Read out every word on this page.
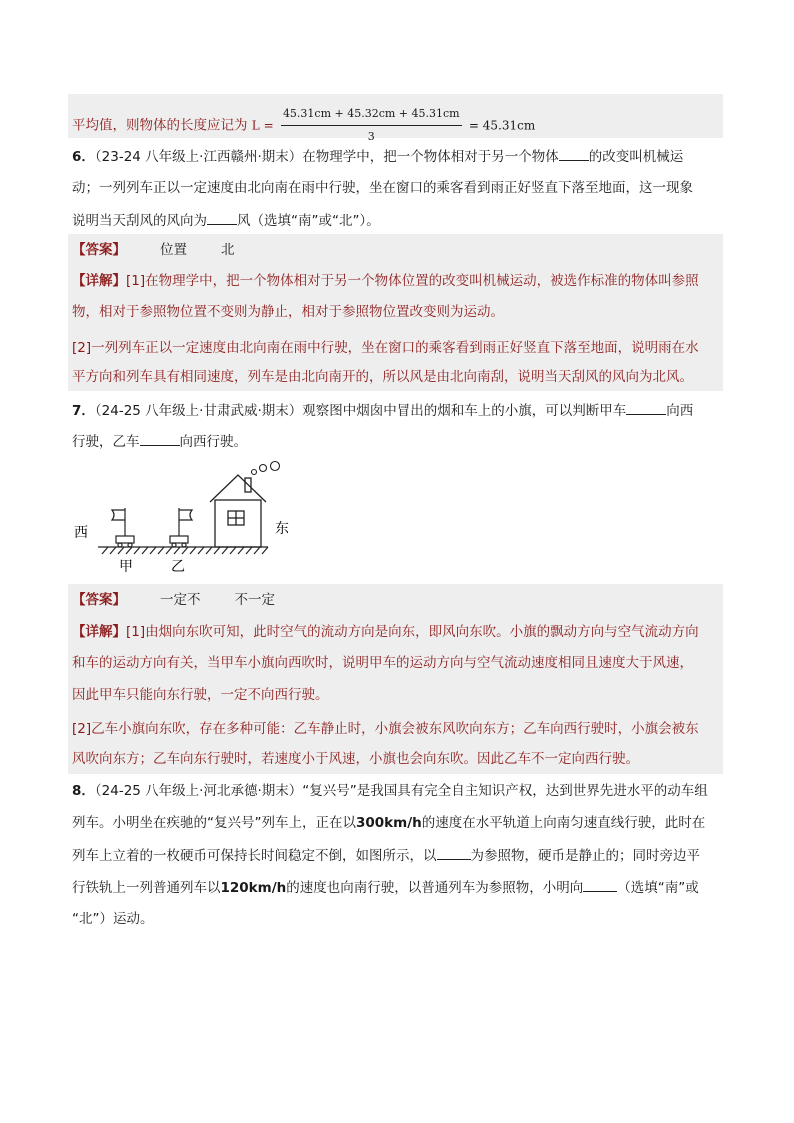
平均值，则物体的长度应记为 $L = \frac{45.31cm + 45.32cm + 45.31cm}{3} = 45.31cm$
6．（23-24 八年级上·江西赣州·期末）在物理学中，把一个物体相对于另一个物体 的改变叫机械运
动；一列列车正以一定速度由北向南在雨中行驶，坐在窗口的乘客看到雨正好竖直下落至地面，这一现象
说明当天刮风的风向为 风（选填“南”或“北”）。
【答案】	位置	北
【详解】[1]在物理学中，把一个物体相对于另一个物体位置的改变叫机械运动，被选作标准的物体叫参照
物，相对于参照物位置不变则为静止，相对于参照物位置改变则为运动。
[2]一列列车正以一定速度由北向南在雨中行驶，坐在窗口的乘客看到雨正好竖直下落至地面，说明雨在水
平方向和列车具有相同速度，列车是由北向南开的，所以风是由北向南刮，说明当天刮风的风向为北风。
7．（24-25 八年级上·甘肃武威·期末）观察图中烟囱中冒出的烟和车上的小旗，可以判断甲车	向西
行驶，乙车	向西行驶。
西	东
甲	乙
【答案】	一定不	不一定
【详解】[1]由烟向东吹可知，此时空气的流动方向是向东，即风向东吹。小旗的飘动方向与空气流动方向
和车的运动方向有关，当甲车小旗向西吹时，说明甲车的运动方向与空气流动速度相同且速度大于风速，
因此甲车只能向东行驶，一定不向西行驶。
[2]乙车小旗向东吹，存在多种可能：乙车静止时，小旗会被东风吹向东方；乙车向西行驶时，小旗会被东
风吹向东方；乙车向东行驶时，若速度小于风速，小旗也会向东吹。因此乙车不一定向西行驶。
8．（24-25 八年级上·河北承德·期末）“复兴号”是我国具有完全自主知识产权，达到世界先进水平的动车组
列车。小明坐在疾驰的“复兴号”列车上，正在以300km/h的速度在水平轨道上向南匀速直线行驶，此时在
列车上立着的一枚硬币可保持长时间稳定不倒，如图所示，以	为参照物，硬币是静止的；同时旁边平
行铁轨上一列普通列车以120km/h的速度也向南行驶，以普通列车为参照物，小明向	（选填“南”或
“北”）运动。
